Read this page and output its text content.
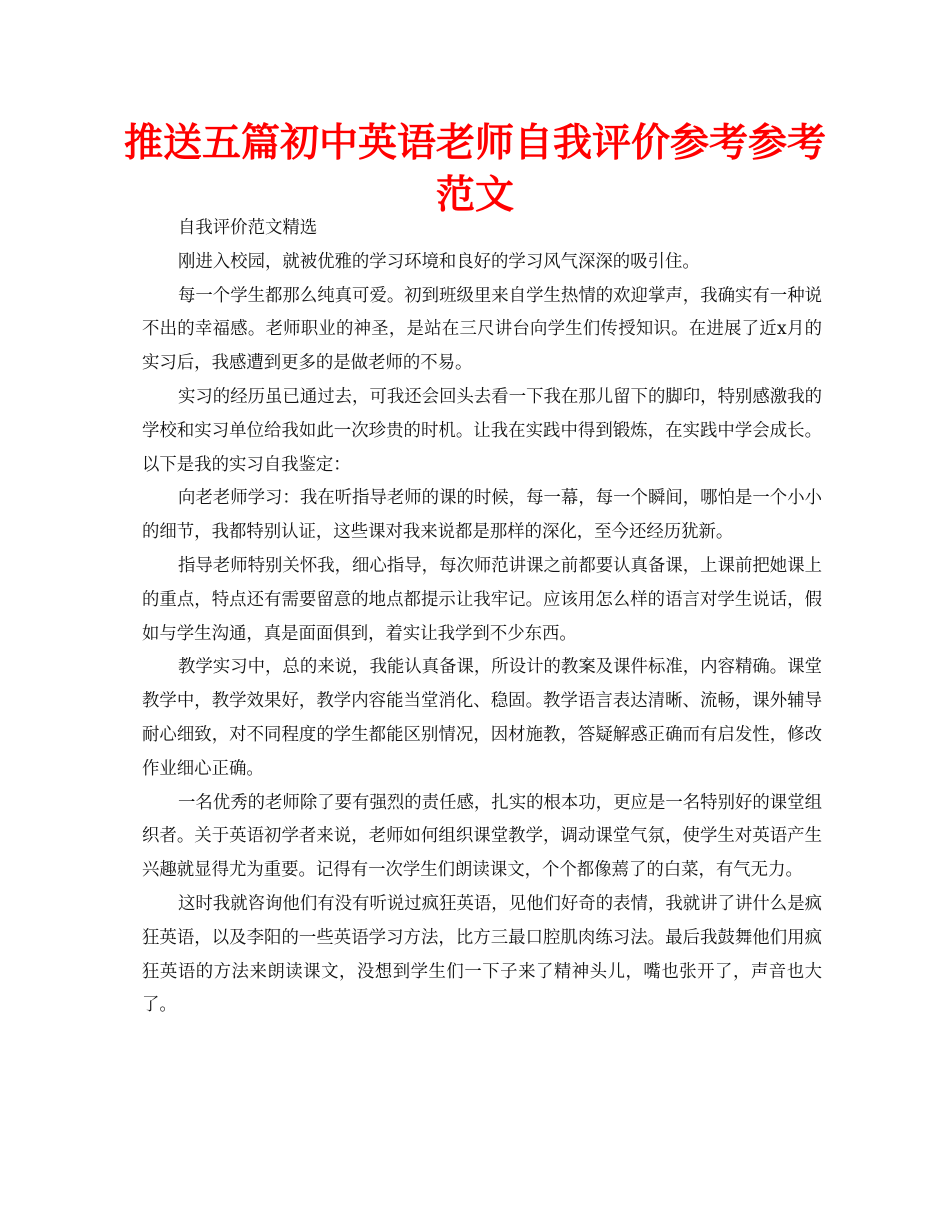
推送五篇初中英语老师自我评价参考参考范文

自我评价范文精选

刚进入校园，就被优雅的学习环境和良好的学习风气深深的吸引住。

每一个学生都那么纯真可爱。初到班级里来自学生热情的欢迎掌声，我确实有一种说不出的幸福感。老师职业的神圣，是站在三尺讲台向学生们传授知识。在进展了近x月的实习后，我感遭到更多的是做老师的不易。

实习的经历虽已通过去，可我还会回头去看一下我在那儿留下的脚印，特别感激我的学校和实习单位给我如此一次珍贵的时机。让我在实践中得到锻炼，在实践中学会成长。以下是我的实习自我鉴定：

向老老师学习：我在听指导老师的课的时候，每一幕，每一个瞬间，哪怕是一个小小的细节，我都特别认证，这些课对我来说都是那样的深化，至今还经历犹新。

指导老师特别关怀我，细心指导，每次师范讲课之前都要认真备课，上课前把她课上的重点，特点还有需要留意的地点都提示让我牢记。应该用怎么样的语言对学生说话，假如与学生沟通，真是面面俱到，着实让我学到不少东西。

教学实习中，总的来说，我能认真备课，所设计的教案及课件标准，内容精确。课堂教学中，教学效果好，教学内容能当堂消化、稳固。教学语言表达清晰、流畅，课外辅导耐心细致，对不同程度的学生都能区别情况，因材施教，答疑解惑正确而有启发性，修改作业细心正确。

一名优秀的老师除了要有强烈的责任感，扎实的根本功，更应是一名特别好的课堂组织者。关于英语初学者来说，老师如何组织课堂教学，调动课堂气氛，使学生对英语产生兴趣就显得尤为重要。记得有一次学生们朗读课文，个个都像蔫了的白菜，有气无力。

这时我就咨询他们有没有听说过疯狂英语，见他们好奇的表情，我就讲了讲什么是疯狂英语，以及李阳的一些英语学习方法，比方三最口腔肌肉练习法。最后我鼓舞他们用疯狂英语的方法来朗读课文，没想到学生们一下子来了精神头儿，嘴也张开了，声音也大了。
